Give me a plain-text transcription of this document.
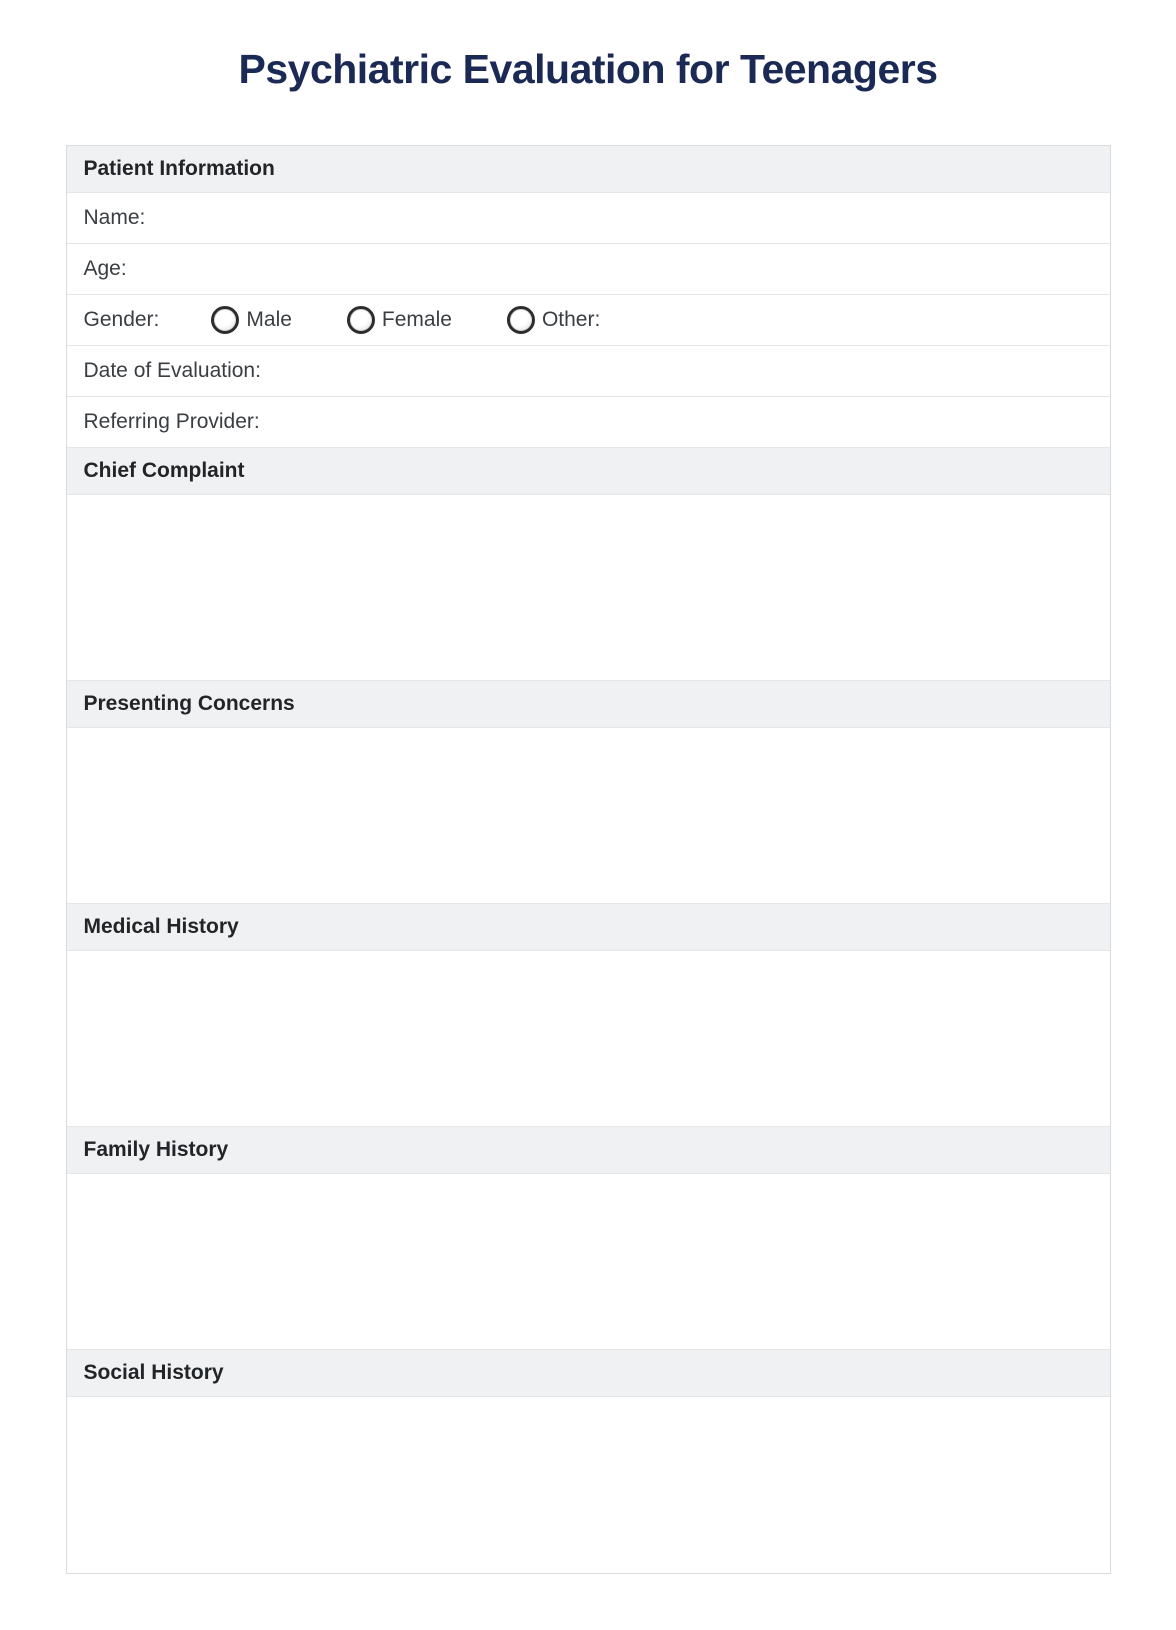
Psychiatric Evaluation for Teenagers
Patient Information
Name:
Age:
Gender:	Male	Female	Other:
Date of Evaluation:
Referring Provider:
Chief Complaint
Presenting Concerns
Medical History
Family History
Social History
